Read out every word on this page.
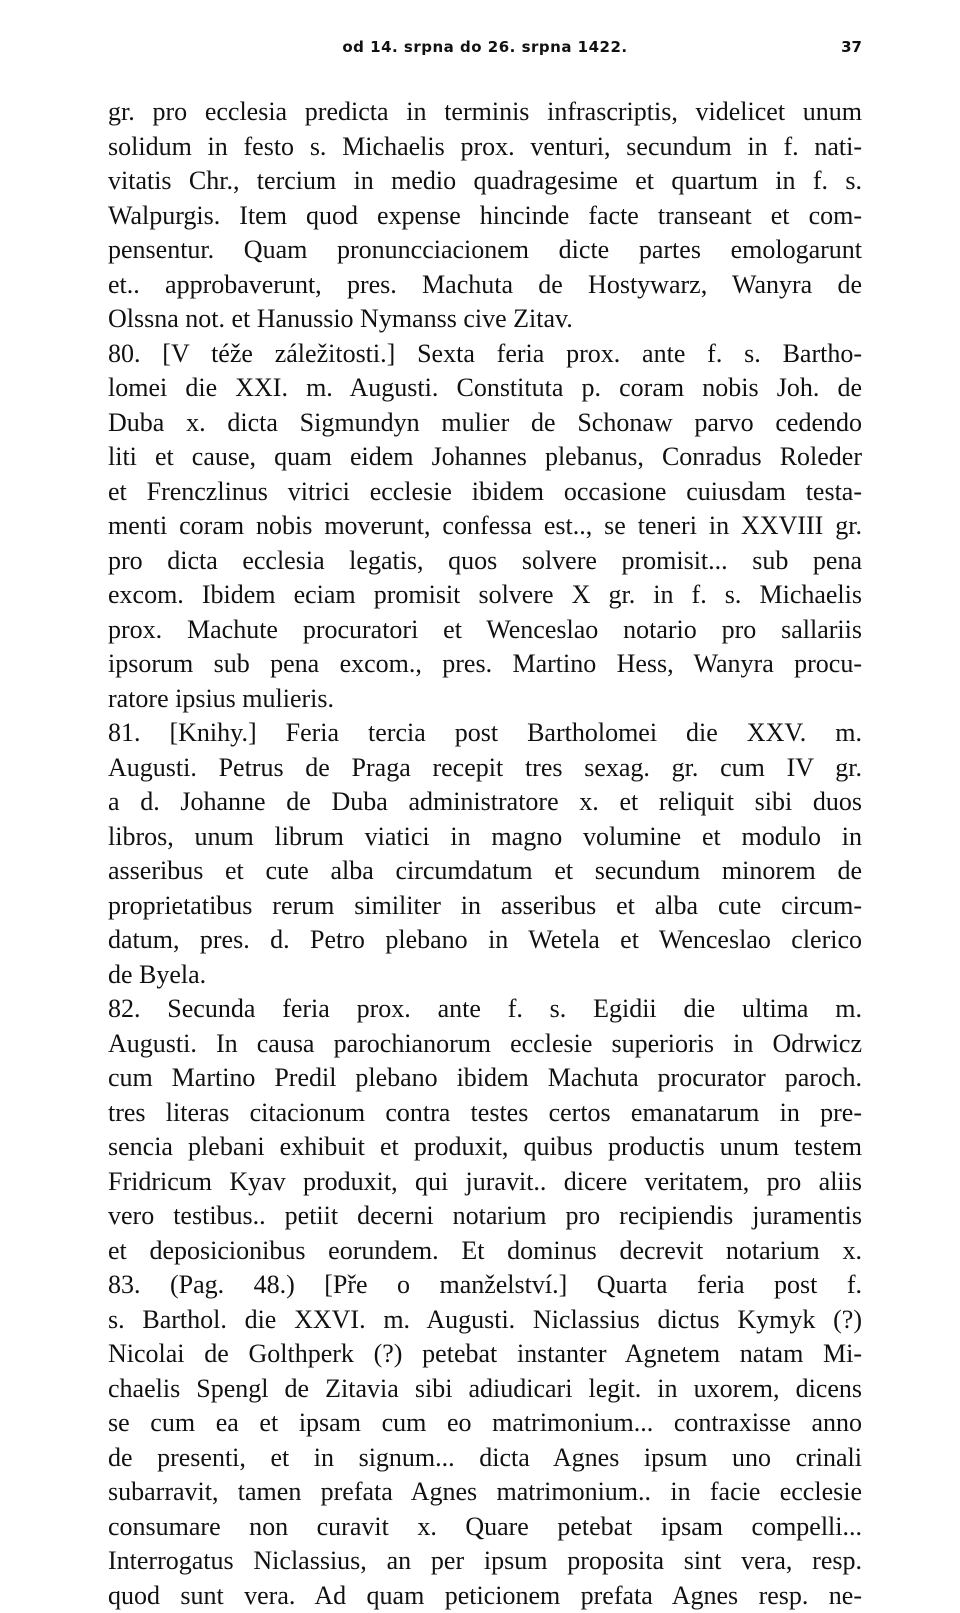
od 14. srpna do 26. srpna 1422.	37
gr. pro ecclesia predicta in terminis infrascriptis, videlicet unum
solidum in festo s. Michaelis prox. venturi, secundum in f. nati-
vitatis Chr., tercium in medio quadragesime et quartum in f. s.
Walpurgis. Item quod expense hincinde facte transeant et com-
pensentur. Quam pronuncciacionem dicte partes emologarunt
et.. approbaverunt, pres. Machuta de Hostywarz, Wanyra de
Olssna not. et Hanussio Nymanss cive Zitav.
80. [V téže záležitosti.] Sexta feria prox. ante f. s. Bartho-
lomei die XXI. m. Augusti. Constituta p. coram nobis Joh. de
Duba x. dicta Sigmundyn mulier de Schonaw parvo cedendo
liti et cause, quam eidem Johannes plebanus, Conradus Roleder
et Frenczlinus vitrici ecclesie ibidem occasione cuiusdam testa-
menti coram nobis moverunt, confessa est.., se teneri in XXVIII gr.
pro dicta ecclesia legatis, quos solvere promisit... sub pena
excom. Ibidem eciam promisit solvere X gr. in f. s. Michaelis
prox. Machute procuratori et Wenceslao notario pro sallariis
ipsorum sub pena excom., pres. Martino Hess, Wanyra procu-
ratore ipsius mulieris.
81. [Knihy.] Feria tercia post Bartholomei die XXV. m.
Augusti. Petrus de Praga recepit tres sexag. gr. cum IV gr.
a d. Johanne de Duba administratore x. et reliquit sibi duos
libros, unum librum viatici in magno volumine et modulo in
asseribus et cute alba circumdatum et secundum minorem de
proprietatibus rerum similiter in asseribus et alba cute circum-
datum, pres. d. Petro plebano in Wetela et Wenceslao clerico
de Byela.
82. Secunda feria prox. ante f. s. Egidii die ultima m.
Augusti. In causa parochianorum ecclesie superioris in Odrwicz
cum Martino Predil plebano ibidem Machuta procurator paroch.
tres literas citacionum contra testes certos emanatarum in pre-
sencia plebani exhibuit et produxit, quibus productis unum testem
Fridricum Kyav produxit, qui juravit.. dicere veritatem, pro aliis
vero testibus.. petiit decerni notarium pro recipiendis juramentis
et deposicionibus eorundem. Et dominus decrevit notarium x.
83. (Pag. 48.) [Pře o manželství.] Quarta feria post f.
s. Barthol. die XXVI. m. Augusti. Niclassius dictus Kymyk (?)
Nicolai de Golthperk (?) petebat instanter Agnetem natam Mi-
chaelis Spengl de Zitavia sibi adiudicari legit. in uxorem, dicens
se cum ea et ipsam cum eo matrimonium... contraxisse anno
de presenti, et in signum... dicta Agnes ipsum uno crinali
subarravit, tamen prefata Agnes matrimonium.. in facie ecclesie
consumare non curavit x. Quare petebat ipsam compelli...
Interrogatus Niclassius, an per ipsum proposita sint vera, resp.
quod sunt vera. Ad quam peticionem prefata Agnes resp. ne-
